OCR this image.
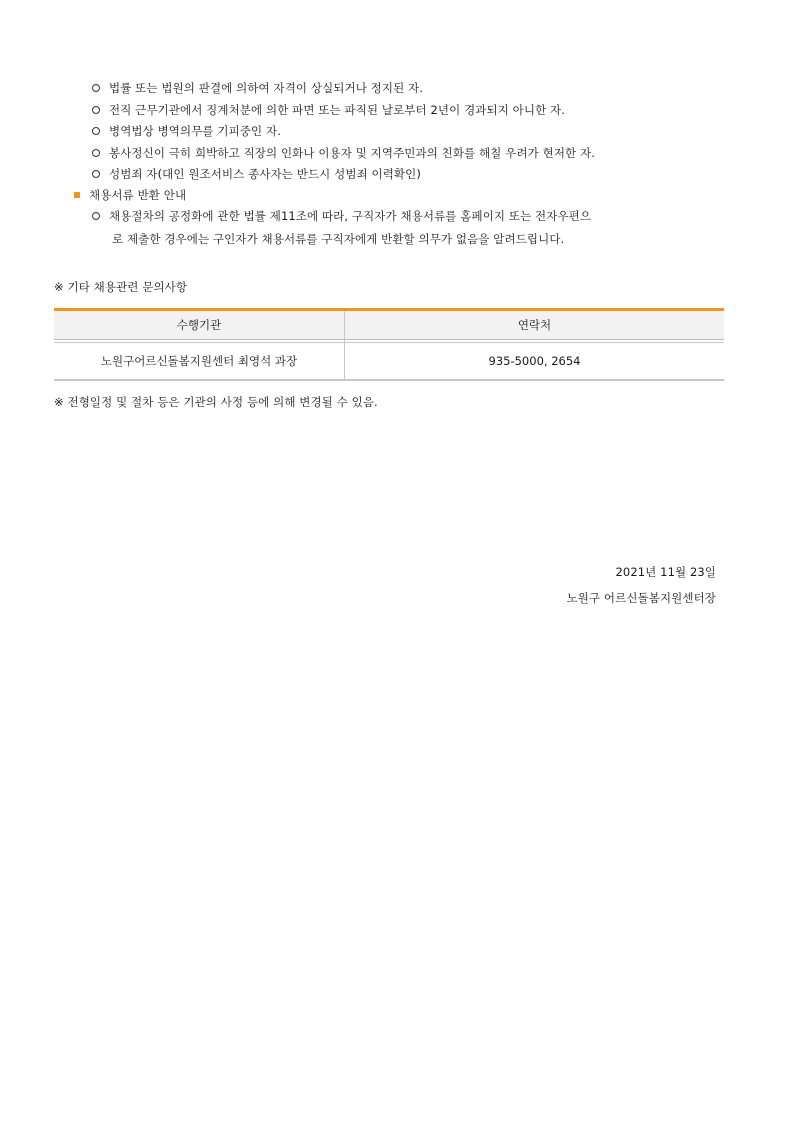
법률 또는 법원의 판결에 의하여 자격이 상실되거나 정지된 자.
전직 근무기관에서 징계처분에 의한 파면 또는 파직된 날로부터 2년이 경과되지 아니한 자.
병역법상 병역의무를 기피중인 자.
봉사정신이 극히 희박하고 직장의 인화나 이용자 및 지역주민과의 친화를 해칠 우려가 현저한 자.
성범죄 자(대인 원조서비스 종사자는 반드시 성범죄 이력확인)
채용서류 반환 안내
채용절차의 공정화에 관한 법률 제11조에 따라, 구직자가 채용서류를 홈페이지 또는 전자우편으
로 제출한 경우에는 구인자가 채용서류를 구직자에게 반환할 의무가 없음을 알려드립니다.
※ 기타 채용관련 문의사항
수행기관	연락처

노원구어르신돌봄지원센터 최영석 과장	935-5000, 2654
※ 전형일정 및 절차 등은 기관의 사정 등에 의해 변경될 수 있음.
2021년 11월 23일
노원구 어르신돌봄지원센터장
